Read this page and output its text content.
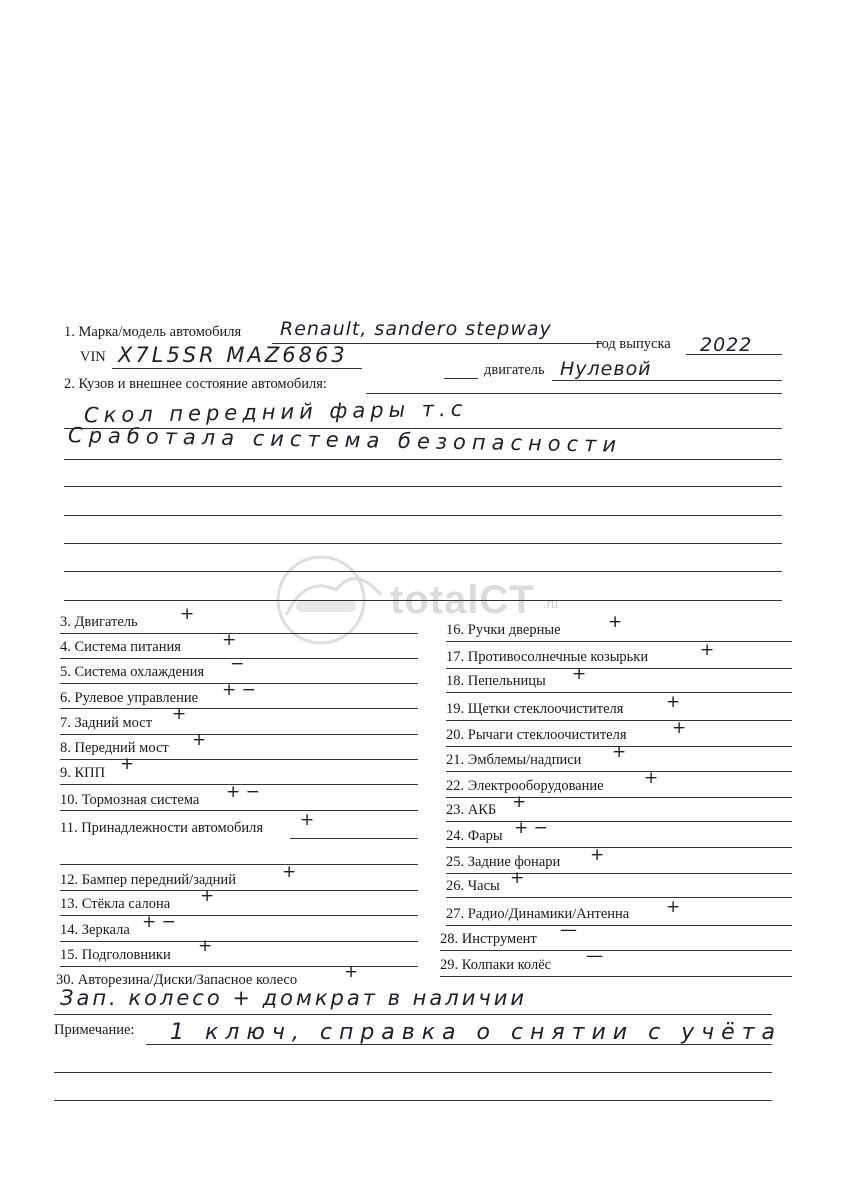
totalCT .ru
1. Марка/модель автомобиля Renault, sandero stepway
год выпуска 2022
VIN X7L5SR MAZ6863
двигатель Нулевой
2. Кузов и внешнее состояние автомобиля:
Скол передний фары т.с
Сработала система безопасности
3. Двигатель +
4. Система питания +
5. Система охлаждения −
6. Рулевое управление + −
7. Задний мост +
8. Передний мост +
9. КПП +
10. Тормозная система + −
11. Принадлежности автомобиля +
12. Бампер передний/задний	+
13. Стёкла салона +
14. Зеркала + −
15. Подголовники +
16. Ручки дверные	+
17. Противосолнечные козырьки	+
18. Пепельницы +
19. Щетки стеклоочистителя	+
20. Рычаги стеклоочистителя	+
21. Эмблемы/надписи +
22. Электрооборудование +
23. АКБ +
24. Фары + −
25. Задние фонари +
26. Часы +
27. Радио/Динамики/Антенна +
28. Инструмент —
29. Колпаки колёс —
30. Авторезина/Диски/Запасное колесо	+
Зап. колесо + домкрат в наличии
Примечание: 1 ключ, справка о снятии с учёта
